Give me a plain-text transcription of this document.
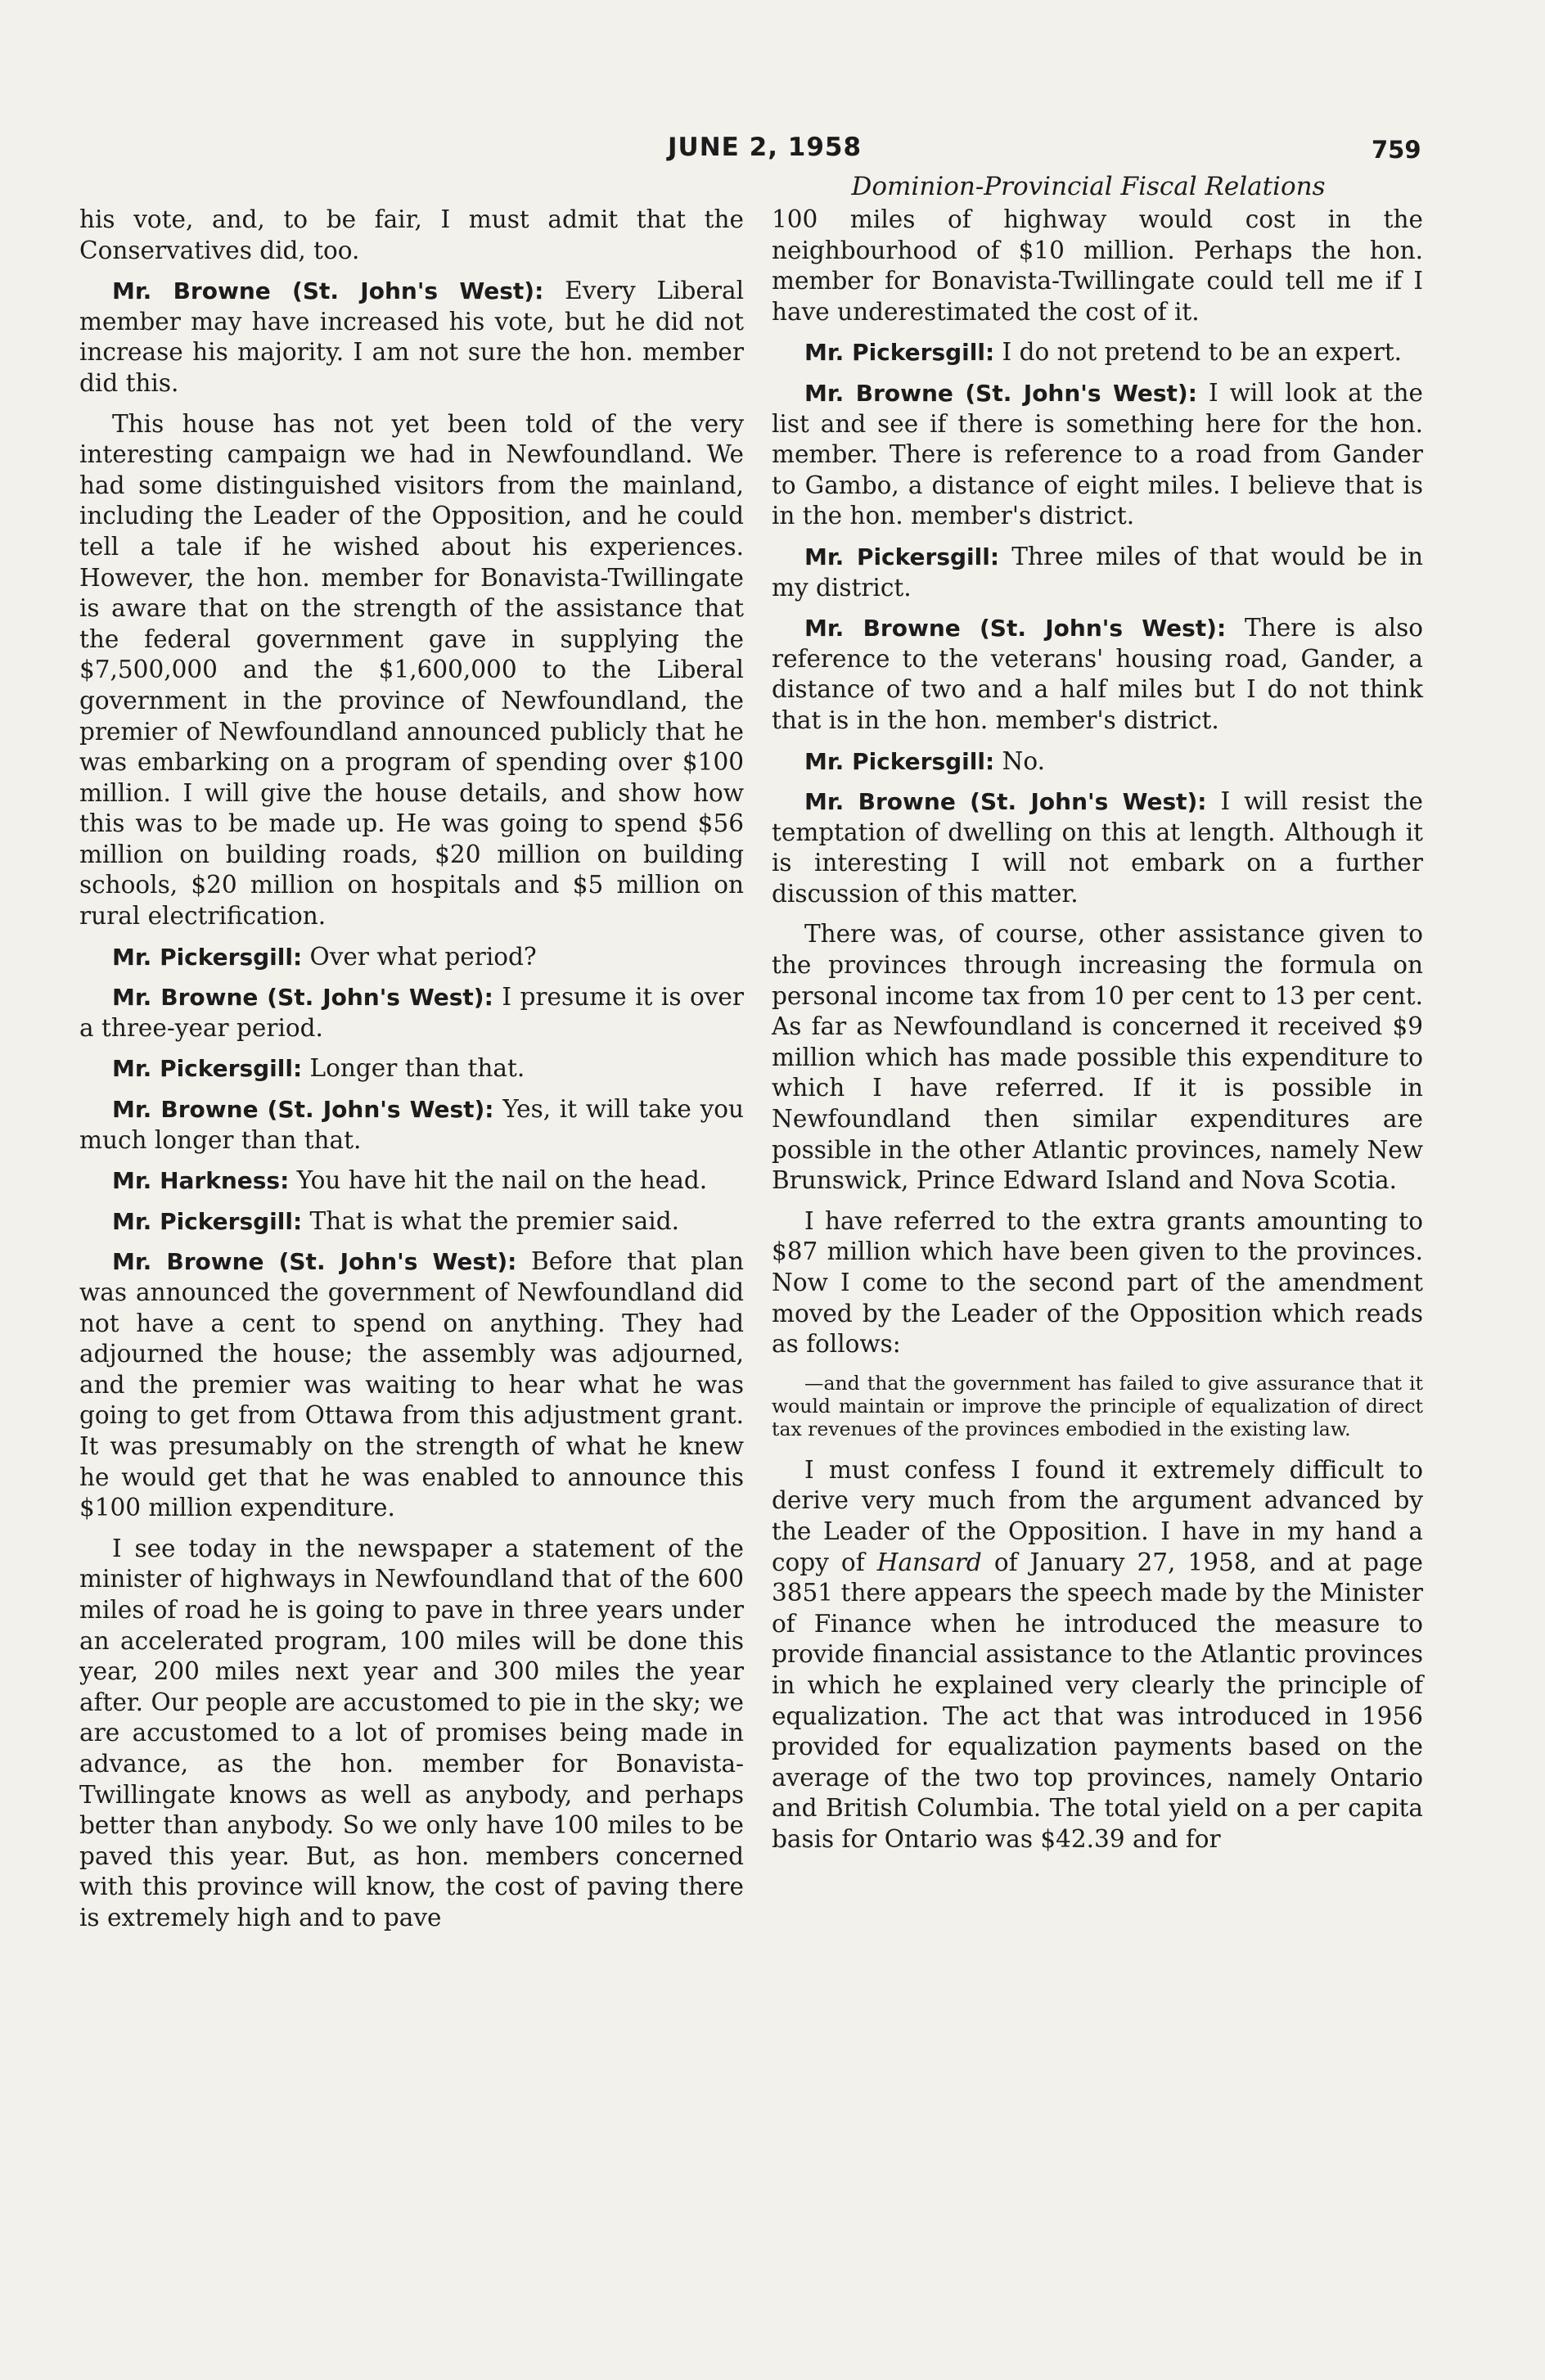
JUNE 2, 1958	759
Dominion-Provincial Fiscal Relations

his vote, and, to be fair, I must admit that the Conservatives did, too.

Mr. Browne (St. John's West): Every Liberal member may have increased his vote, but he did not increase his majority. I am not sure the hon. member did this.

This house has not yet been told of the very interesting campaign we had in Newfoundland. We had some distinguished visitors from the mainland, including the Leader of the Opposition, and he could tell a tale if he wished about his experiences. However, the hon. member for Bonavista-Twillingate is aware that on the strength of the assistance that the federal government gave in supplying the $7,500,000 and the $1,600,000 to the Liberal government in the province of Newfoundland, the premier of Newfoundland announced publicly that he was embarking on a program of spending over $100 million. I will give the house details, and show how this was to be made up. He was going to spend $56 million on building roads, $20 million on building schools, $20 million on hospitals and $5 million on rural electrification.

Mr. Pickersgill: Over what period?

Mr. Browne (St. John's West): I presume it is over a three-year period.

Mr. Pickersgill: Longer than that.

Mr. Browne (St. John's West): Yes, it will take you much longer than that.

Mr. Harkness: You have hit the nail on the head.

Mr. Pickersgill: That is what the premier said.

Mr. Browne (St. John's West): Before that plan was announced the government of Newfoundland did not have a cent to spend on anything. They had adjourned the house; the assembly was adjourned, and the premier was waiting to hear what he was going to get from Ottawa from this adjustment grant. It was presumably on the strength of what he knew he would get that he was enabled to announce this $100 million expenditure.

I see today in the newspaper a statement of the minister of highways in Newfoundland that of the 600 miles of road he is going to pave in three years under an accelerated program, 100 miles will be done this year, 200 miles next year and 300 miles the year after. Our people are accustomed to pie in the sky; we are accustomed to a lot of promises being made in advance, as the hon. member for Bonavista-Twillingate knows as well as anybody, and perhaps better than anybody. So we only have 100 miles to be paved this year. But, as hon. members concerned with this province will know, the cost of paving there is extremely high and to pave

100 miles of highway would cost in the neighbourhood of $10 million. Perhaps the hon. member for Bonavista-Twillingate could tell me if I have underestimated the cost of it.

Mr. Pickersgill: I do not pretend to be an expert.

Mr. Browne (St. John's West): I will look at the list and see if there is something here for the hon. member. There is reference to a road from Gander to Gambo, a distance of eight miles. I believe that is in the hon. member's district.

Mr. Pickersgill: Three miles of that would be in my district.

Mr. Browne (St. John's West): There is also reference to the veterans' housing road, Gander, a distance of two and a half miles but I do not think that is in the hon. member's district.

Mr. Pickersgill: No.

Mr. Browne (St. John's West): I will resist the temptation of dwelling on this at length. Although it is interesting I will not embark on a further discussion of this matter.

There was, of course, other assistance given to the provinces through increasing the formula on personal income tax from 10 per cent to 13 per cent. As far as Newfoundland is concerned it received $9 million which has made possible this expenditure to which I have referred. If it is possible in Newfoundland then similar expenditures are possible in the other Atlantic provinces, namely New Brunswick, Prince Edward Island and Nova Scotia.

I have referred to the extra grants amounting to $87 million which have been given to the provinces. Now I come to the second part of the amendment moved by the Leader of the Opposition which reads as follows:

—and that the government has failed to give assurance that it would maintain or improve the principle of equalization of direct tax revenues of the provinces embodied in the existing law.

I must confess I found it extremely difficult to derive very much from the argument advanced by the Leader of the Opposition. I have in my hand a copy of Hansard of January 27, 1958, and at page 3851 there appears the speech made by the Minister of Finance when he introduced the measure to provide financial assistance to the Atlantic provinces in which he explained very clearly the principle of equalization. The act that was introduced in 1956 provided for equalization payments based on the average of the two top provinces, namely Ontario and British Columbia. The total yield on a per capita basis for Ontario was $42.39 and for
